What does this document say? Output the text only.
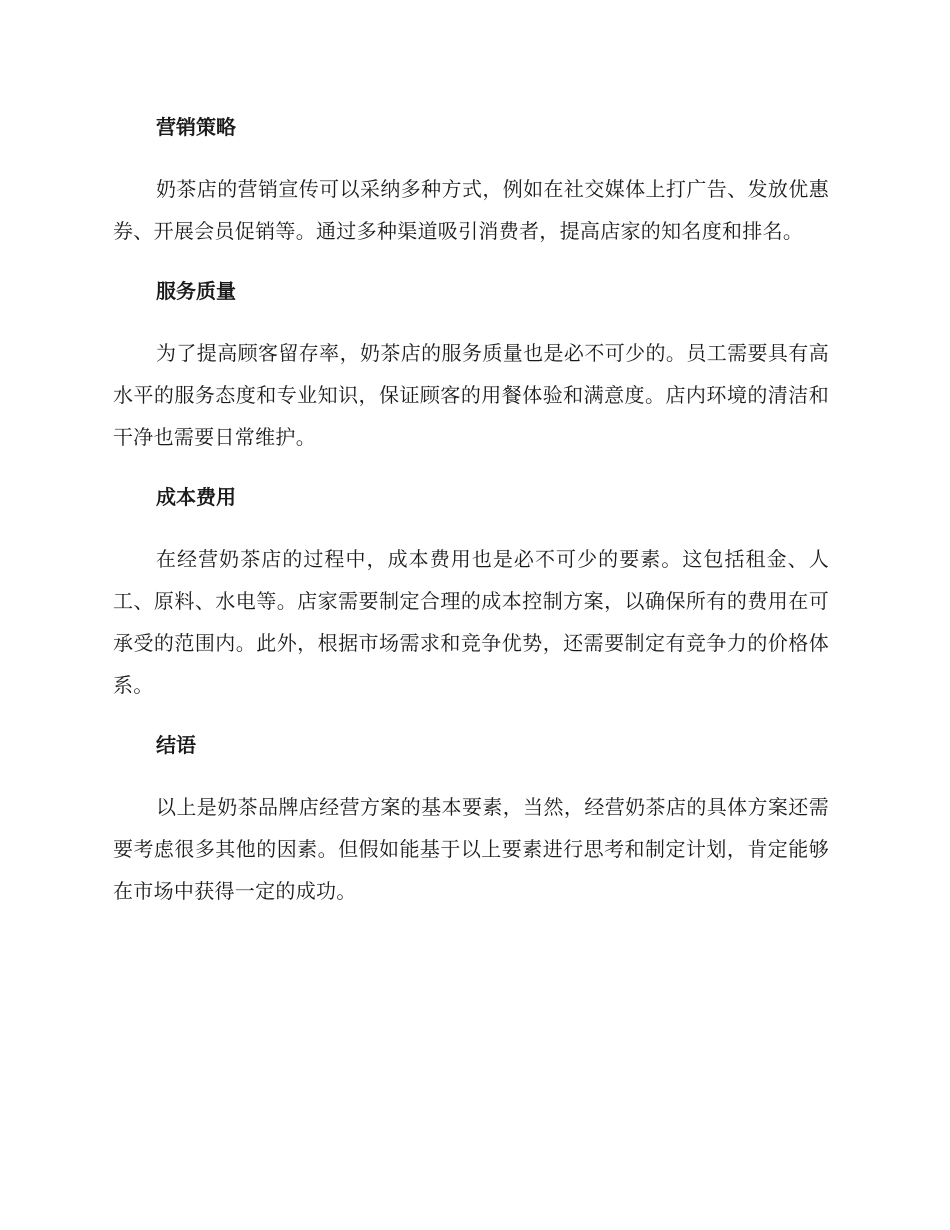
营销策略

奶茶店的营销宣传可以采纳多种方式，例如在社交媒体上打广告、发放优惠券、开展会员促销等。通过多种渠道吸引消费者，提高店家的知名度和排名。

服务质量

为了提高顾客留存率，奶茶店的服务质量也是必不可少的。员工需要具有高水平的服务态度和专业知识，保证顾客的用餐体验和满意度。店内环境的清洁和干净也需要日常维护。

成本费用

在经营奶茶店的过程中，成本费用也是必不可少的要素。这包括租金、人工、原料、水电等。店家需要制定合理的成本控制方案，以确保所有的费用在可承受的范围内。此外，根据市场需求和竞争优势，还需要制定有竞争力的价格体系。

结语

以上是奶茶品牌店经营方案的基本要素，当然，经营奶茶店的具体方案还需要考虑很多其他的因素。但假如能基于以上要素进行思考和制定计划，肯定能够在市场中获得一定的成功。
